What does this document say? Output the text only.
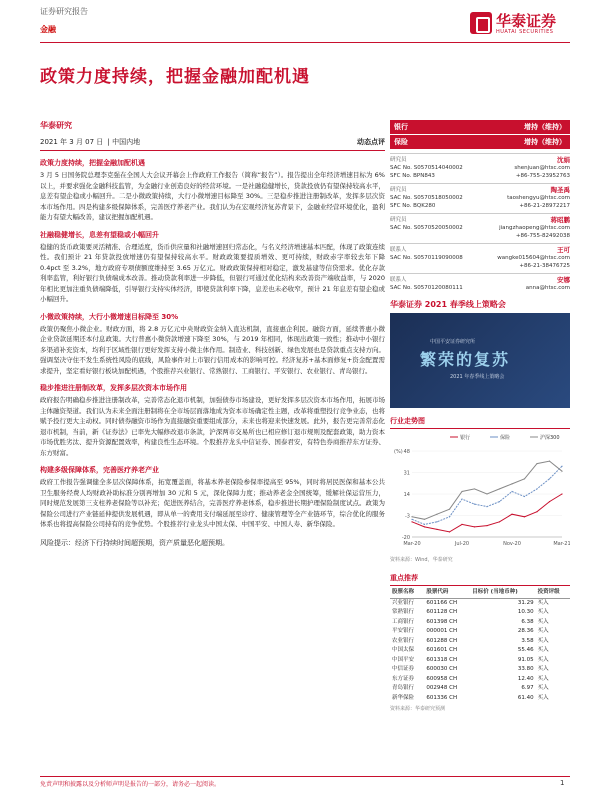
证券研究报告
金融	华泰证券
HUATAI SECURITIES
政策力度持续，把握金融加配机遇
华泰研究
2021 年 3 月 07 日 | 中国内地	动态点评
政策力度持续，把握金融加配机遇
3 月 5 日国务院总理李克强在全国人大会议开幕会上作政府工作报告（简称“报告”）。报告提出全年经济增速目标为 6%以上，并要求强化金融科技监管，为金融行业创造良好的经营环境。一是社融稳健增长，贷款投放仍有望保持较高水平，息差有望企稳或小幅回升。二是小微政策持续，大行小微增速目标降至 30%。三是稳步推进注册制改革，发挥多层次资本市场作用。四是构建多级保障体系，完善医疗养老产业。我们认为在宏观经济复苏背景下，金融业经营环境优化，盈利能力有望大幅改善，建议把握加配机遇。
社融稳健增长，息差有望稳或小幅回升
稳健的货币政策要灵活精准、合理适度，货币供应量和社融增速回归常态化，与名义经济增速基本匹配，体现了政策连续性。我们预计 21 年贷款投放增速仍有望保持较高水平。财政政策要提质增效、更可持续，财政赤字率较去年下降 0.4pct 至 3.2%，地方政府专项债额度维持至 3.65 万亿元。财政政策保持相对稳定，激发基建等信贷需求。优化存款利率监管，利好银行负债端成本改善。推动贷款利率进一步降低，但银行可通过优化结构来改善资产端收益率，与 2020 年相比更加注重负债端降低，引导银行支持实体经济，即使贷款利率下降，息差也未必收窄，预计 21 年息差有望企稳或小幅回升。
小微政策持续，大行小微增速目标降至 30%
政策仍聚焦小微企业。财政方面，将 2.8 万亿元中央财政资金纳入直达机制，直接惠企利民。融资方面，延续普惠小微企业贷款延期还本付息政策。大行普惠小微贷款增速下降至 30%，与 2019 年相同，体现出政策一致性；推动中小银行多渠道补充资本，均利于区域性银行更好发挥支持小微主体作用。制造业、科技创新、绿色发展也是贷款重点支持方向。强调坚决守住不发生系统性风险的底线，风险事件对上市银行信用成本的影响可控。经济复苏+基本面修复+资金配置需求提升，坚定看好银行板块加配机遇，个股推荐兴业银行、常熟银行、工商银行、平安银行、农业银行、青岛银行。
稳步推进注册制改革，发挥多层次资本市场作用
政府报告明确稳步推进注册制改革，完善常态化退市机制，加强债券市场建设，更好发挥多层次资本市场作用，拓展市场主体融资渠道。我们认为未来全面注册制将在全市场层面落地成为资本市场确定性主题，改革将重塑投行竞争业态，也将赋予投行更大主动权。同时债券融资市场作为直接融资重要组成部分，未来也将迎来快速发展。此外，报告更完善常态化退市机制，当前，新《证券法》已率先大幅修改退市条款，沪深两市交易所也已相应修订退市规则及配套政策，助力资本市场优胜劣汰、提升资源配置效率，构建良性生态环境。个股推荐龙头中信证券、国泰君安，有特色券商推荐东方证券、东方财富。
构建多级保障体系，完善医疗养老产业
政府工作报告强调健全多层次保障体系，拓宽覆盖面，将基本养老保险参保率提高至 95%，同时将居民医保和基本公共卫生服务经费人均财政补助标准分别再增加 30 元和 5 元，深化保障力度；推动养老金全国统筹，缓解社保运营压力，同时规范发展第三支柱养老保险等以补充；促进医养结合，完善医疗养老体系，稳步推进长期护理保险制度试点。政策为保险公司进行产业链延伸提供发展机遇，即从单一的费用支付端延展至诊疗、健康管理等全产业链环节，综合优化的服务体系也将提高保险公司持有的竞争优势。个股推荐行业龙头中国太保、中国平安、中国人寿、新华保险。
风险提示：经济下行持续时间超预期，资产质量恶化超预期。
银行	增持（维持）
保险	增持（维持）
研究员	沈娟
SAC No. S0570514040002	shenjuan@htsc.com
SFC No. BPN843	+86-755-23952763
研究员	陶圣禹
SAC No. S0570518050002	taoshengyu@htsc.com
SFC No. BQK280	+86-21-28972217
研究员	蒋昭鹏
SAC No. S0570520050002	jiangzhaopeng@htsc.com
+86-755-82492038
联系人	王可
SAC No. S0570119090008	wangke015604@htsc.com
+86-21-38476725
联系人	安娜
SAC No. S0570120080111	anna@htsc.com
华泰证券 2021 春季线上策略会
中国平安证券研究所
繁荣的复苏
2021 年春季线上策略会
行业走势图
(%)
-20
-3
14
31
48
Mar-20	Jul-20	Nov-20	Mar-21
银行	保险	沪深300
资料来源：Wind，华泰研究
重点推荐
股票名称	股票代码	目标价 (当地币种)	投资评级
兴业银行	601166 CH	31.29	买入
常熟银行	601128 CH	10.30	买入
工商银行	601398 CH	6.38	买入
平安银行	000001 CH	28.36	买入
农业银行	601288 CH	3.58	买入
中国太保	601601 CH	55.46	买入
中国平安	601318 CH	91.05	买入
中信证券	600030 CH	33.80	买入
东方证券	600958 CH	12.40	买入
青岛银行	002948 CH	6.97	买入
新华保险	601336 CH	61.40	买入
资料来源：华泰研究预测
免责声明和披露以及分析师声明是报告的一部分，请务必一起阅读。	1
